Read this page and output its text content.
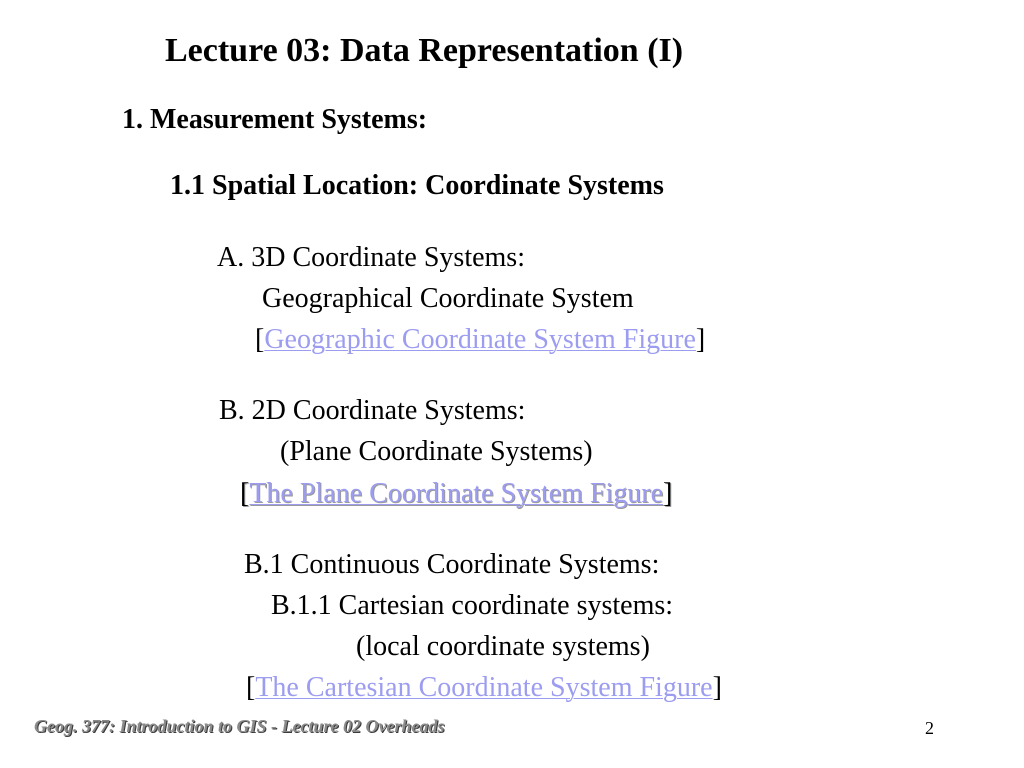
Lecture 03: Data Representation (I)
1. Measurement Systems:
1.1 Spatial Location: Coordinate Systems
A. 3D Coordinate Systems:
Geographical Coordinate System
[Geographic Coordinate System Figure]
B. 2D Coordinate Systems:
(Plane Coordinate Systems)
[The Plane Coordinate System Figure]
B.1 Continuous Coordinate Systems:
B.1.1 Cartesian coordinate systems:
(local coordinate systems)
[The Cartesian Coordinate System Figure]
Geog. 377: Introduction to GIS - Lecture 02 Overheads	2
